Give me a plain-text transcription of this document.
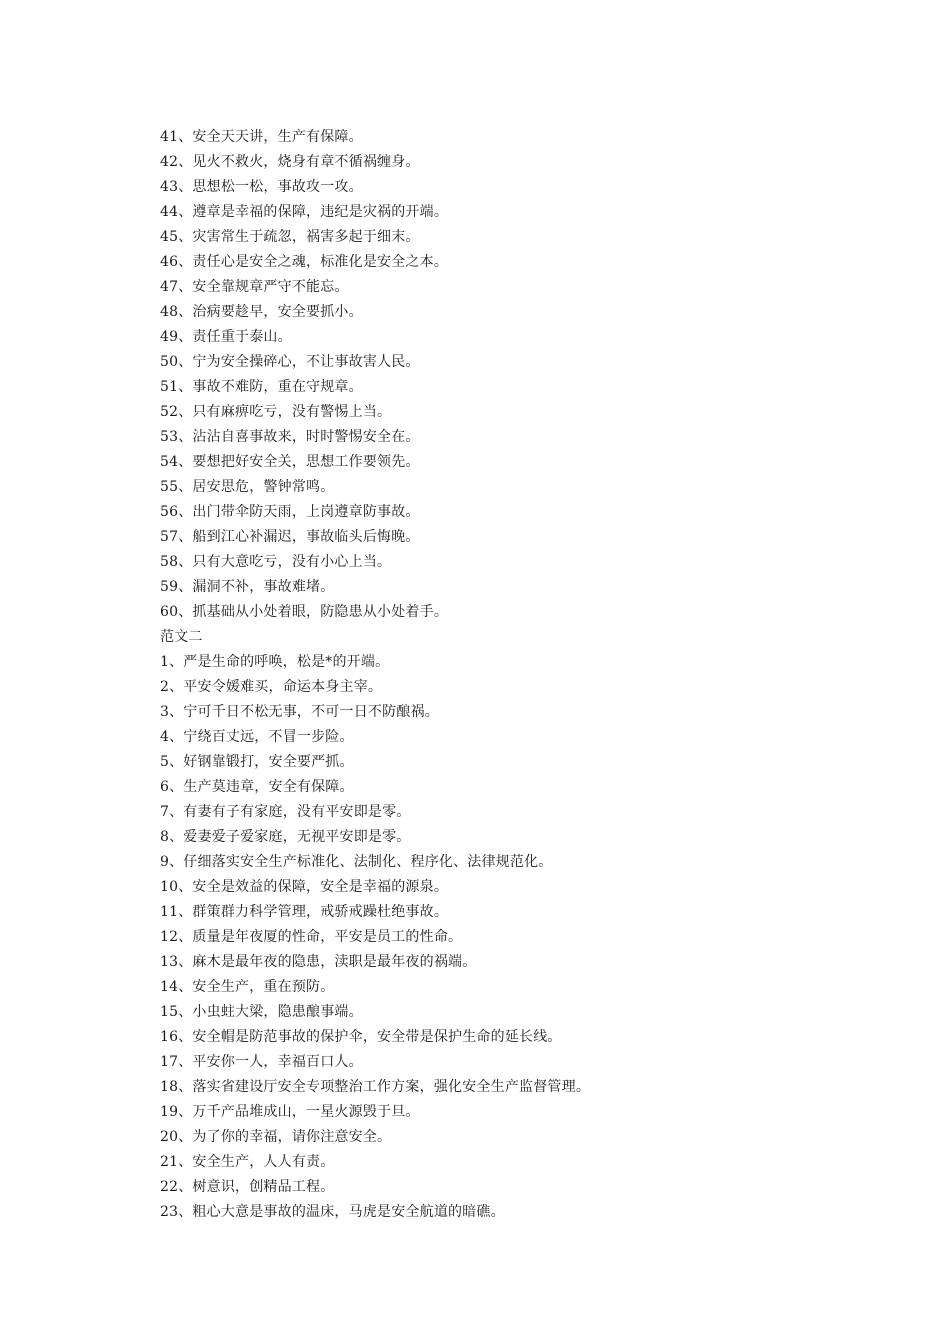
41、安全天天讲，生产有保障。
42、见火不救火，烧身有章不循祸缠身。
43、思想松一松，事故攻一攻。
44、遵章是幸福的保障，违纪是灾祸的开端。
45、灾害常生于疏忽，祸害多起于细末。
46、责任心是安全之魂，标准化是安全之本。
47、安全靠规章严守不能忘。
48、治病要趁早，安全要抓小。
49、责任重于泰山。
50、宁为安全操碎心，不让事故害人民。
51、事故不难防，重在守规章。
52、只有麻痹吃亏，没有警惕上当。
53、沾沾自喜事故来，时时警惕安全在。
54、要想把好安全关，思想工作要领先。
55、居安思危，警钟常鸣。
56、出门带伞防天雨，上岗遵章防事故。
57、船到江心补漏迟，事故临头后悔晚。
58、只有大意吃亏，没有小心上当。
59、漏洞不补，事故难堵。
60、抓基础从小处着眼，防隐患从小处着手。
范文二
1、严是生命的呼唤，松是*的开端。
2、平安令媛难买，命运本身主宰。
3、宁可千日不松无事，不可一日不防酿祸。
4、宁绕百丈远，不冒一步险。
5、好钢靠锻打，安全要严抓。
6、生产莫违章，安全有保障。
7、有妻有子有家庭，没有平安即是零。
8、爱妻爱子爱家庭，无视平安即是零。
9、仔细落实安全生产标准化、法制化、程序化、法律规范化。
10、安全是效益的保障，安全是幸福的源泉。
11、群策群力科学管理，戒骄戒躁杜绝事故。
12、质量是年夜厦的性命，平安是员工的性命。
13、麻木是最年夜的隐患，渎职是最年夜的祸端。
14、安全生产，重在预防。
15、小虫蛀大梁，隐患酿事端。
16、安全帽是防范事故的保护伞，安全带是保护生命的延长线。
17、平安你一人，幸福百口人。
18、落实省建设厅安全专项整治工作方案，强化安全生产监督管理。
19、万千产品堆成山，一星火源毁于旦。
20、为了你的幸福，请你注意安全。
21、安全生产，人人有责。
22、树意识，创精品工程。
23、粗心大意是事故的温床，马虎是安全航道的暗礁。
